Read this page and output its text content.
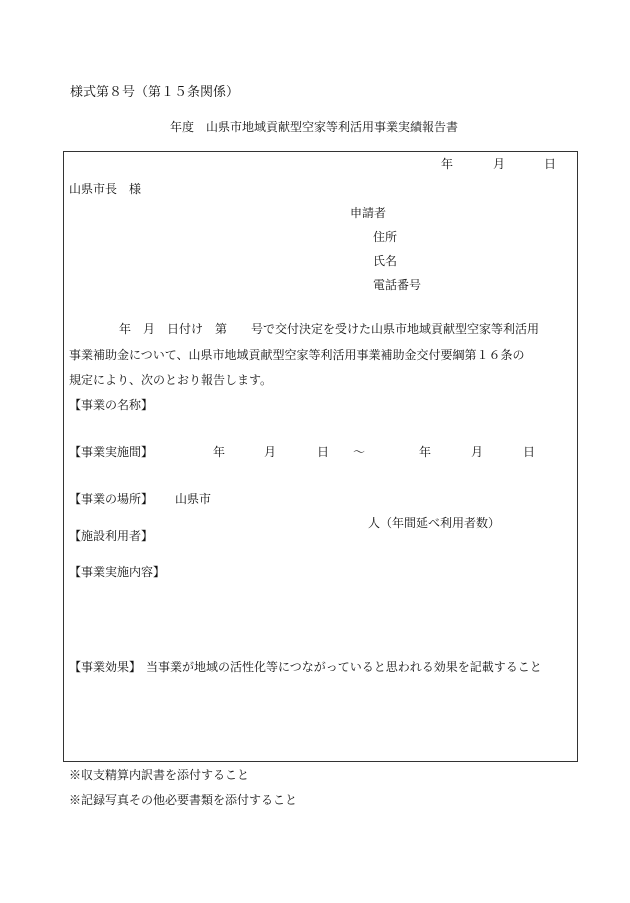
様式第８号（第１５条関係）
年度　山県市地域貢献型空家等利活用事業実績報告書
年	月	日
山県市長　様
申請者
住所
氏名
電話番号
年　月　日付け　第　　号で交付決定を受けた山県市地域貢献型空家等利活用
事業補助金について、山県市地域貢献型空家等利活用事業補助金交付要綱第１６条の
規定により、次のとおり報告します。
【事業の名称】
【事業実施間】	年	月	日 ～	年	月	日
【事業の場所】 山県市
人（年間延べ利用者数）
【施設利用者】
【事業実施内容】
【事業効果】 当事業が地域の活性化等につながっていると思われる効果を記載すること
※収支精算内訳書を添付すること
※記録写真その他必要書類を添付すること
